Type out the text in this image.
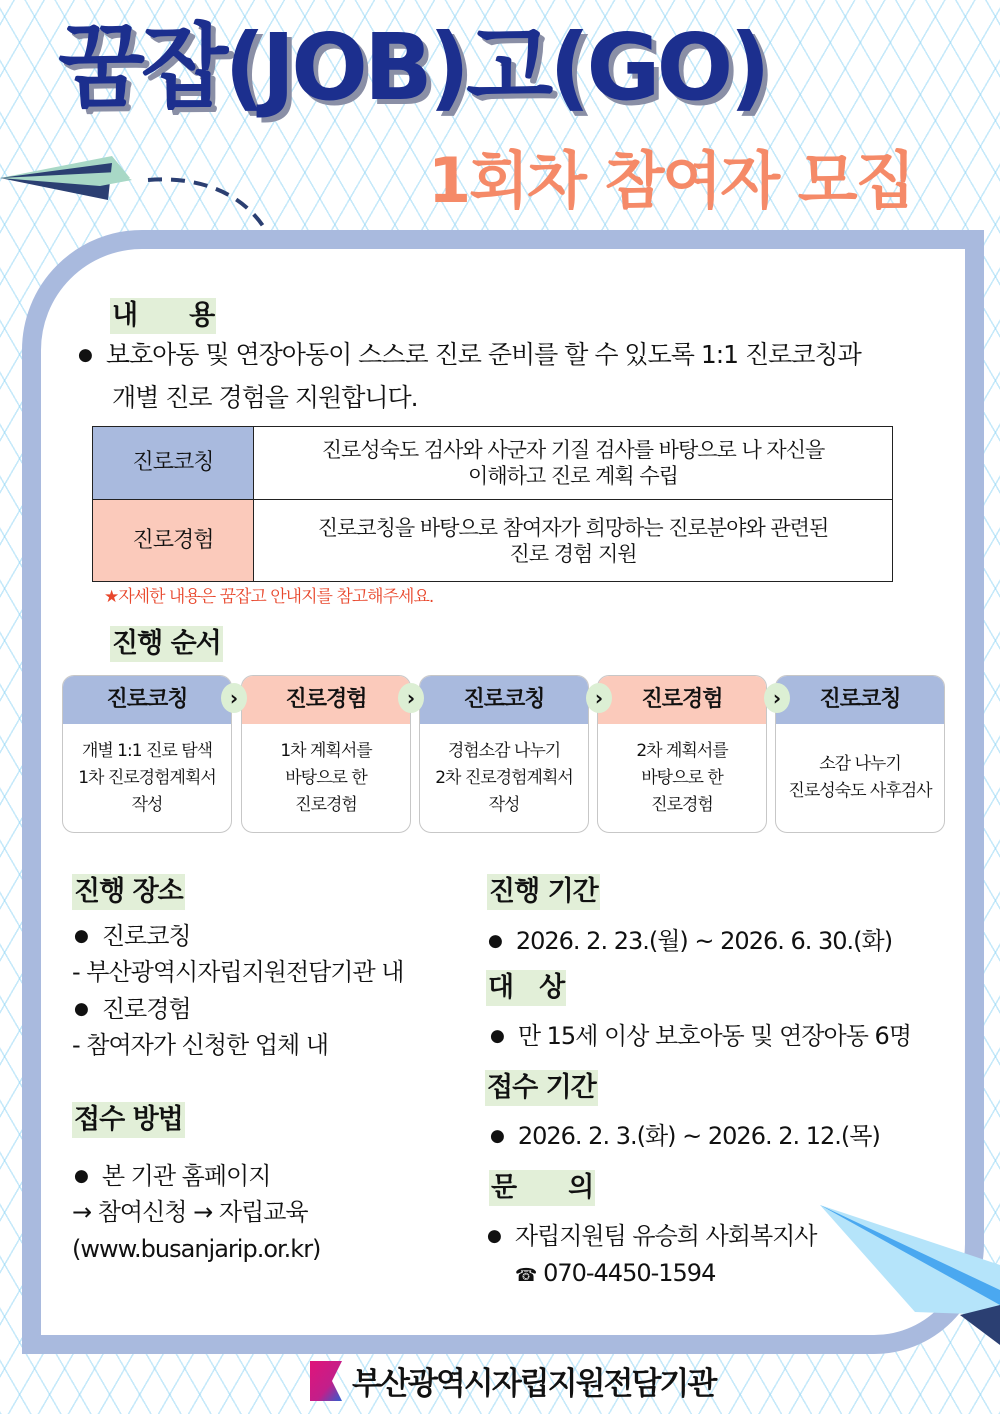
꿈잡(JOB)고(GO)
1회차 참여자 모집
내　　용
● 보호아동 및 연장아동이 스스로 진로 준비를 할 수 있도록 1:1 진로코칭과
개별 진로 경험을 지원합니다.
진로코칭	진로성숙도 검사와 사군자 기질 검사를 바탕으로 나 자신을
이해하고 진로 계획 수립

진로경험	진로코칭을 바탕으로 참여자가 희망하는 진로분야와 관련된
진로 경험 지원
★자세한 내용은 꿈잡고 안내지를 참고해주세요.
진행 순서
진로코칭
개별 1:1 진로 탐색
1차 진로경험계획서
작성
›	진로경험
1차 계획서를
바탕으로 한
진로경험
›	진로코칭
경험소감 나누기
2차 진로경험계획서
작성
›	진로경험
2차 계획서를
바탕으로 한
진로경험
›	진로코칭
소감 나누기
진로성숙도 사후검사
진행 장소
● 진로코칭
- 부산광역시자립지원전담기관 내
● 진로경험
- 참여자가 신청한 업체 내
접수 방법
● 본 기관 홈페이지
→ 참여신청 → 자립교육
(www.busanjarip.or.kr)
진행 기간
● 2026. 2. 23.(월) ~ 2026. 6. 30.(화)
대　상
● 만 15세 이상 보호아동 및 연장아동 6명
접수 기간
● 2026. 2. 3.(화) ~ 2026. 2. 12.(목)
문　　의
● 자립지원팀 유승희 사회복지사
☎ 070-4450-1594
부산광역시자립지원전담기관
